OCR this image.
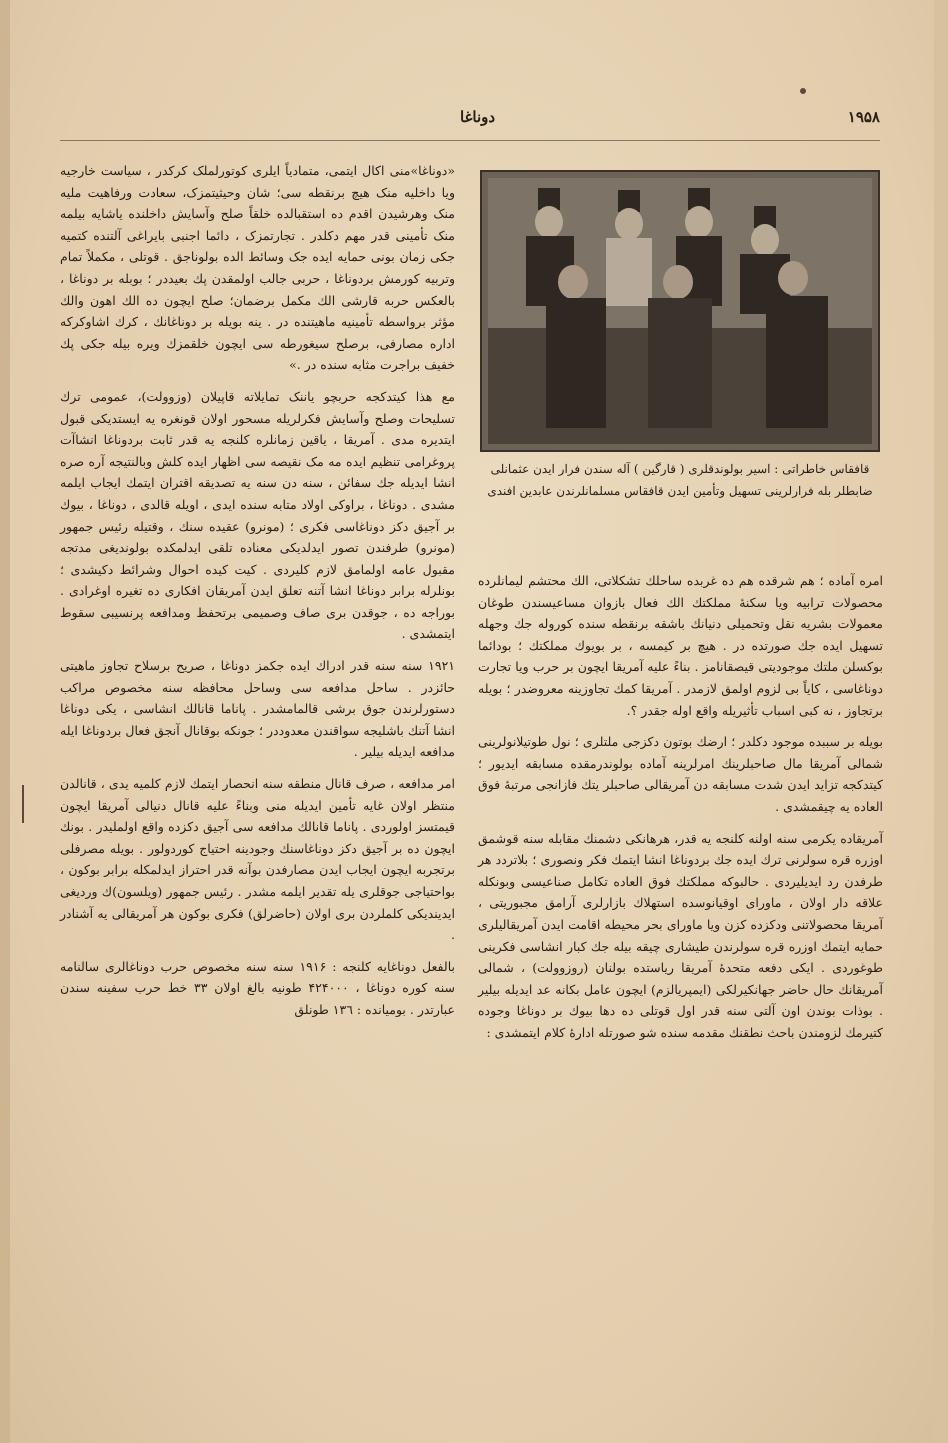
۱۹۵۸
دوناغا
قافقاس خاطراتی : اسیر بولوندقلری ( قارگین ) آله سندن فرار ایدن عثمانلی ضابطلر بله فرارلرینی تسهیل وتأمین ایدن قافقاس مسلمانلرندن عابدین افندی

«دوناغا»منی اکال ایتمی، متمادیاً ایلری کوتورلملک کرکدر ، سیاست خارجیه ویا داخلیه منک هیچ برنقطه سی؛ شان وحیثیتمزک، سعادت ورفاهیت ملیه منک وهرشیدن اقدم ده استقبالده خلقاً صلح وآسایش داخلنده یاشایه بیلمه منک تأمینی قدر مهم دکلدر . تجارتمزک ، دائما اجنبی بایراغی آلتنده کتمیه جکی زمان بونی حمایه ایده جک وسائط الده بولوناجق . قوتلی ، مکملاً تمام وتربیه کورمش بردوناغا ، حربی جالب اولمقدن پك بعیددر ؛ بوبله بر دوناغا ، بالعکس حربه قارشی الك مکمل برضمان؛ صلح ایچون ده الك اهون والك مؤثر برواسطه تأمینیه ماهیتنده در . ینه بویله بر دوناغانك ، کرك اشاوکرکه اداره مصارفی، برصلح سیغورطه سی ایچون خلقمزك ویره بیله جکی پك خفیف براجرت مثابه سنده در .»

مع هذا کیتدکجه حربچو یاننک تمایلاته قاپیلان (وزوولت)، عمومی ترك تسلیحات وصلح وآسایش فکرلریله مسحور اولان قونغره یه ایستدیکی قبول ایتدیره مدی . آمریقا ، یاقین زمانلره کلنجه یه قدر ثابت بردوناغا انشاآت پروغرامی تنظیم ایده مه مک نقیصه سی اظهار ایده کلش وبالنتیجه آره صره انشا ایدیله جك سفائن ، سنه دن سنه یه تصدیقه اقتران ایتمك ایجاب ایلمه مشدی . دوناغا ، براوکی اولاد متابه سنده ایدی ، اویله قالدی ، دوناغا ، بیوك بر آجیق دکز دوناغاسی فکری ؛ (مونرو) عقیده سنك ، وقتیله رئیس جمهور (مونرو) طرفندن تصور ایدلدیکی معناده تلقی ایدلمکده بولوندیغی مدتجه مقبول عامه اولمامق لازم کلیردی . کیت کیده احوال وشرائط دکیشدی ؛ بونلرله برابر دوناغا انشا آتنه تعلق ایدن آمریقان افکاری ده تغیره اوغرادی . بوراجه ده ، جوقدن بری صاف وصمیمی برتحفظ ومدافعه پرنسیبی سقوط ایتمشدی .

۱۹۲۱ سنه سنه قدر ادراك ایده جکمز دوناغا ، صریح برسلاح تجاوز ماهیتی حائزدر . ساحل مدافعه سی وساحل محافظه سنه مخصوص مراکب دستورلرندن جوق برشی قالمامشدر . پاناما قانالك انشاسی ، یکی دوناغا انشا آتنك باشلیجه سواقندن معدوددر ؛ جونکه بوقانال آنجق فعال بردوناغا ایله مدافعه ایدیله بیلیر .

امر مدافعه ، صرف قانال منطقه سنه انحصار ایتمك لازم کلمیه یدی ، قانالدن منتظر اولان غایه تأمین ایدیله منی وبناءً علیه قانال دنیالی آمریقا ایچون قیمتسز اولوردی . پاناما قانالك مدافعه سی آجیق دکزده واقع اولملیدر . بونك ایچون ده بر آجیق دکز دوناغاسنك وجودینه احتیاج کوردولور . بویله مصرفلی برتجربه ایچون ایجاب ایدن مصارفدن بوآنه قدر احتراز ایدلمکله برابر بوکون ، بواحتیاجی جوقلری یله تقدیر ایلمه مشدر . رئیس جمهور (ویلسون)ك وردیغی ایدیندیکی کلملردن بری اولان (حاضرلق) فکری بوکون هر آمریقالی یه آشنادر .

بالفعل دوناغایه کلنجه : ۱۹۱۶ سنه سنه مخصوص حرب دوناغالری سالنامه سنه کوره دوناغا ، ۴۲۴۰۰۰ طونیه بالغ اولان ۳۳ خط حرب سفینه سندن عبارتدر . بوميانده : ۱۳٦ طونلق

امره آماده ؛ هم شرقده هم ده غربده ساحلك تشکلاتی، الك محتشم لیمانلرده محصولات ترابیه ویا سکنهٔ مملکتك الك فعال بازوان مساعیسندن طوغان معمولات بشریه نقل وتحمیلی دنیانك باشقه برنقطه سنده کوروله جك وجهله تسهیل ایده جك صورتده در . هیچ بر کیمسه ، بر بویوك مملکتك ؛ بودائما بوکسلن ملتك موجودیتی قیصقانامز . بناءً علیه آمریقا ایچون بر حرب ویا تجارت دوناغاسی ، کایاً بی لزوم اولمق لازمدر . آمریقا کمك تجاوزینه معروضدر ؛ بویله برتجاوز ، نه کبی اسباب تأثیریله واقع اوله جقدر ؟.

بویله بر سببده موجود دکلدر ؛ ارضك بوتون دکزجی ملتلری ؛ نول طوتیلانولرینی شمالی آمریقا مال صاحبلرینك امرلرینه آماده بولوندرمقده مسابقه ایدیور ؛ کیتدکجه تزاید ایدن شدت مسابقه دن آمریقالی صاحبلر یتك فازانجی مرتبهٔ فوق العاده یه چیقمشدی .

آمریقاده یکرمی سنه اولنه کلنجه یه قدر، هرهانکی دشمنك مقابله سنه قوشمق اوزره قره سولرنی ترك ایده جك بردوناغا انشا ایتمك فکر ونصوری ؛ بلاتردد هر طرفدن رد ایدیلیردی . حالبوکه مملکتك فوق العاده تکامل صناعیسی وبونکله علاقه دار اولان ، ماورای اوقیانوسده استهلاك بازارلری آرامق مجبوریتی ، آمریقا محصولاتنی ودکزده کزن ویا ماورای بحر محیطه اقامت ایدن آمریقالیلری حمایه ایتمك اوزره قره سولرندن طیشاری چیقه بیله جك کبار انشاسی فکرینی طوغوردی . ایکی دفعه متحدهٔ آمریقا ریاستده بولنان (روزوولت) ، شمالی آمریقانك حال حاضر جهانکیرلکی (ایمپریالزم) ایچون عامل بکانه عد ایدیله بیلیر . بوذات بوندن اون آلتی سنه قدر اول قوتلی ده دها بیوك بر دوناغا وجوده کتیرمك لزومندن باحث نطقنك مقدمه سنده شو صورتله ادارهٔ کلام ایتمشدی :
